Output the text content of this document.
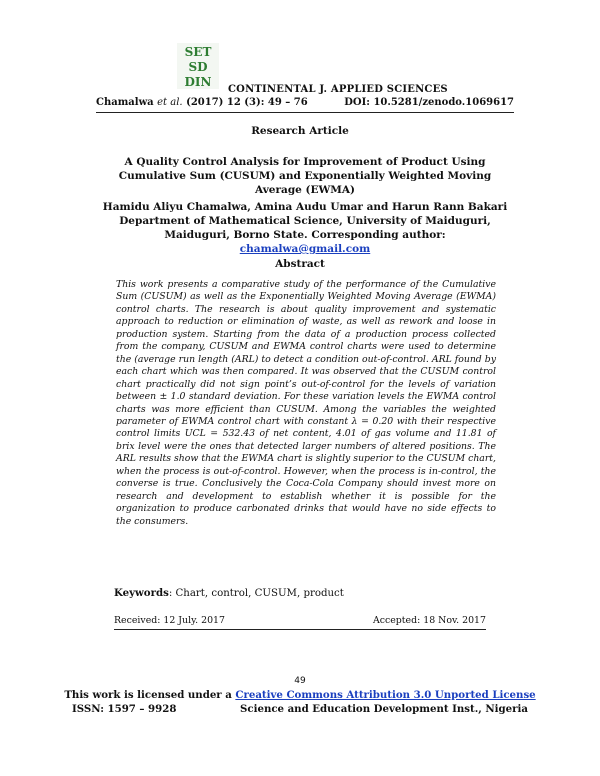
SET
SD
DIN
CONTINENTAL J. APPLIED SCIENCES
Chamalwa et al. (2017) 12 (3): 49 – 76	DOI: 10.5281/zenodo.1069617
Research Article
A Quality Control Analysis for Improvement of Product Using Cumulative Sum (CUSUM) and Exponentially Weighted Moving Average (EWMA)
Hamidu Aliyu Chamalwa, Amina Audu Umar and Harun Rann Bakari
Department of Mathematical Science, University of Maiduguri, Maiduguri, Borno State. Corresponding author: chamalwa@gmail.com
Abstract
This work presents a comparative study of the performance of the Cumulative Sum (CUSUM) as well as the Exponentially Weighted Moving Average (EWMA) control charts. The research is about quality improvement and systematic approach to reduction or elimination of waste, as well as rework and loose in production system. Starting from the data of a production process collected from the company, CUSUM and EWMA control charts were used to determine the (average run length (ARL) to detect a condition out-of-control. ARL found by each chart which was then compared. It was observed that the CUSUM control chart practically did not sign point’s out-of-control for the levels of variation between ± 1.0 standard deviation. For these variation levels the EWMA control charts was more efficient than CUSUM. Among the variables the weighted parameter of EWMA control chart with constant λ = 0.20 with their respective control limits UCL = 532.43 of net content, 4.01 of gas volume and 11.81 of brix level were the ones that detected larger numbers of altered positions. The ARL results show that the EWMA chart is slightly superior to the CUSUM chart, when the process is out-of-control. However, when the process is in-control, the converse is true. Conclusively the Coca-Cola Company should invest more on research and development to establish whether it is possible for the organization to produce carbonated drinks that would have no side effects to the consumers.
Keywords: Chart, control, CUSUM, product
Received: 12 July. 2017	Accepted: 18 Nov. 2017
49
This work is licensed under a Creative Commons Attribution 3.0 Unported License
ISSN: 1597 – 9928	Science and Education Development Inst., Nigeria
